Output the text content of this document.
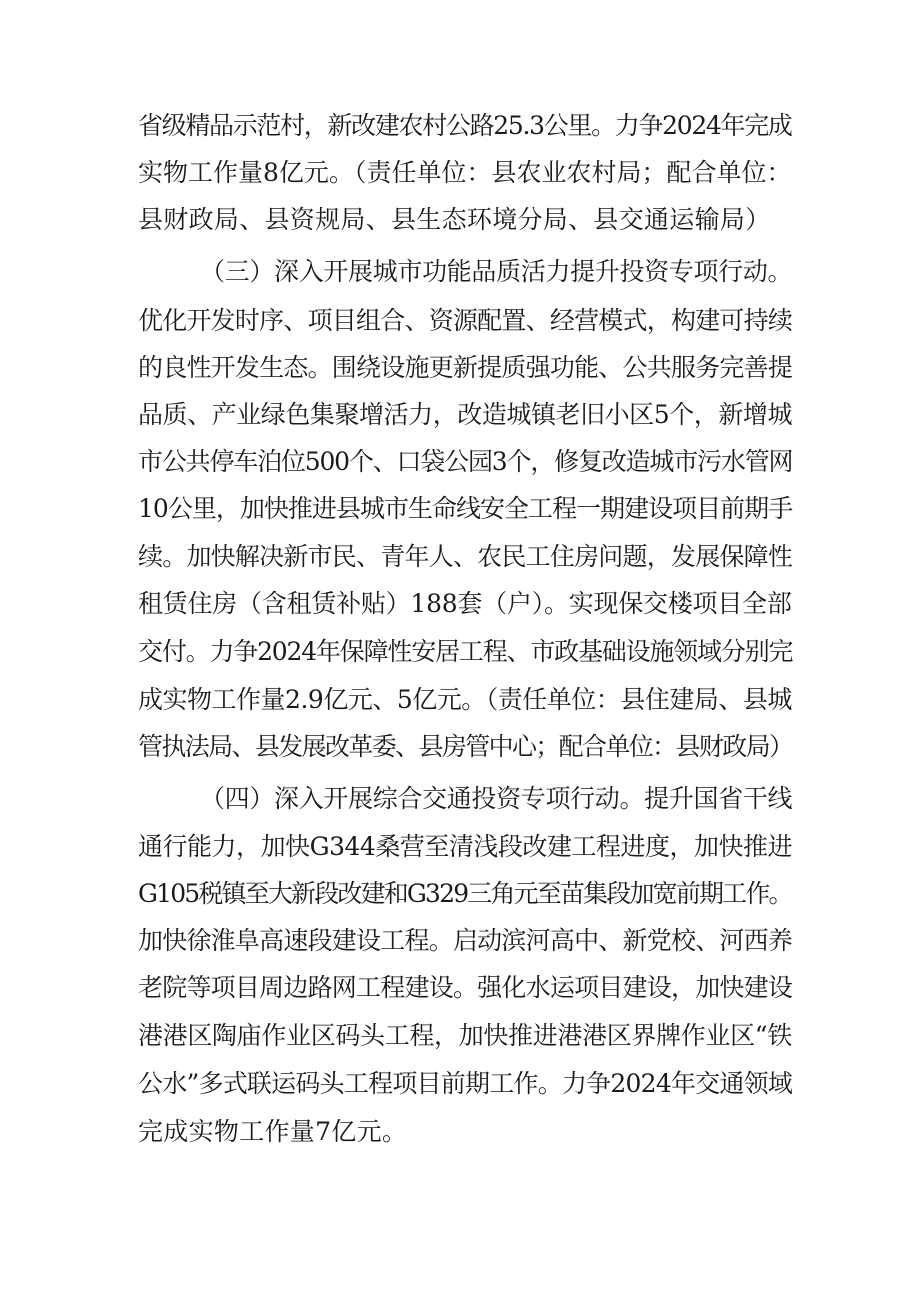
省级精品示范村，新改建农村公路25.3公里。力争2024年完成

实物工作量8亿元。（责任单位：县农业农村局；配合单位：

县财政局、县资规局、县生态环境分局、县交通运输局）

（三）深入开展城市功能品质活力提升投资专项行动。

优化开发时序、项目组合、资源配置、经营模式，构建可持续

的良性开发生态。围绕设施更新提质强功能、公共服务完善提

品质、产业绿色集聚增活力，改造城镇老旧小区5个，新增城

市公共停车泊位500个、口袋公园3个，修复改造城市污水管网

10公里，加快推进县城市生命线安全工程一期建设项目前期手

续。加快解决新市民、青年人、农民工住房问题，发展保障性

租赁住房（含租赁补贴）188套（户）。实现保交楼项目全部

交付。力争2024年保障性安居工程、市政基础设施领域分别完

成实物工作量2.9亿元、5亿元。（责任单位：县住建局、县城

管执法局、县发展改革委、县房管中心；配合单位：县财政局）

（四）深入开展综合交通投资专项行动。提升国省干线

通行能力，加快G344桑营至清浅段改建工程进度，加快推进

G105税镇至大新段改建和G329三角元至苗集段加宽前期工作。

加快徐淮阜高速段建设工程。启动滨河高中、新党校、河西养

老院等项目周边路网工程建设。强化水运项目建设，加快建设

港港区陶庙作业区码头工程，加快推进港港区界牌作业区“铁

公水”多式联运码头工程项目前期工作。力争2024年交通领域

完成实物工作量7亿元。
